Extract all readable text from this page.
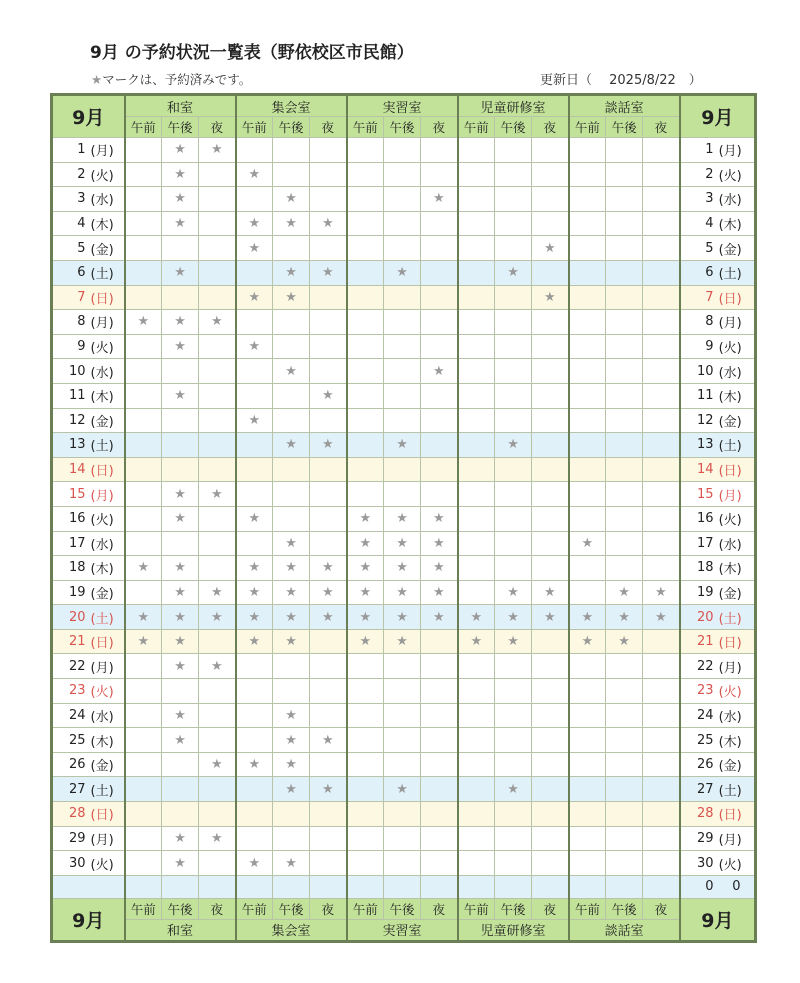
9月 の予約状況一覧表（野依校区市民館）
★マークは、予約済みです。	更新日（　 2025/8/22　）
9月		和室			集会室			実習室			児童研修室			談話室			9月	
		午前	午後	夜	午前	午後	夜	午前	午後	夜	午前	午後	夜	午前	午後	夜		
1	(月)		★	★													1	(月)
2	(火)		★		★												2	(火)
3	(水)		★			★				★							3	(水)
4	(木)		★		★	★	★										4	(木)
5	(金)				★								★				5	(金)
6	(土)		★			★	★		★			★					6	(土)
7	(日)				★	★							★				7	(日)
8	(月)	★	★	★													8	(月)
9	(火)		★		★												9	(火)
10	(水)					★				★							10	(水)
11	(木)		★				★										11	(木)
12	(金)				★												12	(金)
13	(土)					★	★		★			★					13	(土)
14	(日)																14	(日)
15	(月)		★	★													15	(月)
16	(火)		★		★			★	★	★							16	(火)
17	(水)					★		★	★	★				★			17	(水)
18	(木)	★	★		★	★	★	★	★	★							18	(木)
19	(金)		★	★	★	★	★	★	★	★		★	★		★	★	19	(金)
20	(土)	★	★	★	★	★	★	★	★	★	★	★	★	★	★	★	20	(土)
21	(日)	★	★		★	★		★	★		★	★		★	★		21	(日)
22	(月)		★	★													22	(月)
23	(火)																23	(火)
24	(水)		★			★											24	(水)
25	(木)		★			★	★										25	(木)
26	(金)			★	★	★											26	(金)
27	(土)					★	★		★			★					27	(土)
28	(日)																28	(日)
29	(月)		★	★													29	(月)
30	(火)		★		★	★											30	(火)
																	0	0
9月		午前	午後	夜	午前	午後	夜	午前	午後	夜	午前	午後	夜	午前	午後	夜	9月	
		和室			集会室			実習室			児童研修室			談話室				
